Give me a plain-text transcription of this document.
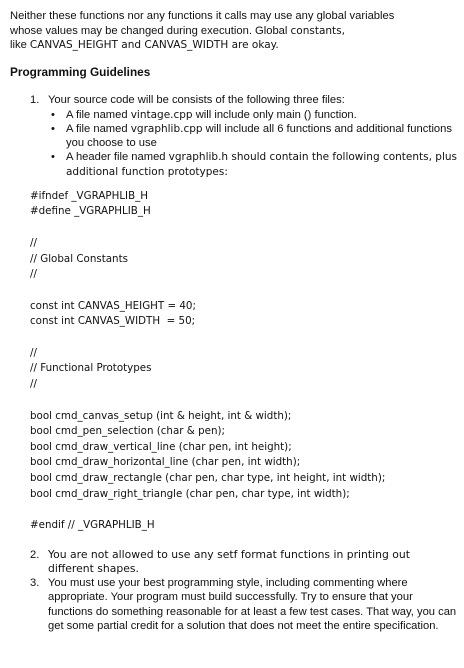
Neither these functions nor any functions it calls may use any global variables
whose values may be changed during execution. Global constants,
like CANVAS_HEIGHT and CANVAS_WIDTH are okay.

Programming Guidelines
1. Your source code will be consists of the following three files:
• A file named vintage.cpp will include only main () function.
• A file named vgraphlib.cpp will include all 6 functions and additional functions you choose to use
• A header file named vgraphlib.h should contain the following contents, plus additional function prototypes:
#ifndef _VGRAPHLIB_H
#define _VGRAPHLIB_H
//
// Global Constants
//
const int CANVAS_HEIGHT = 40;
const int CANVAS_WIDTH  = 50;
//
// Functional Prototypes
//
bool cmd_canvas_setup (int & height, int & width);
bool cmd_pen_selection (char & pen);
bool cmd_draw_vertical_line (char pen, int height);
bool cmd_draw_horizontal_line (char pen, int width);
bool cmd_draw_rectangle (char pen, char type, int height, int width);
bool cmd_draw_right_triangle (char pen, char type, int width);
#endif // _VGRAPHLIB_H
2. You are not allowed to use any setf format functions in printing out different shapes.
3. You must use your best programming style, including commenting where appropriate. Your program must build successfully. Try to ensure that your functions do something reasonable for at least a few test cases. That way, you can get some partial credit for a solution that does not meet the entire specification.
